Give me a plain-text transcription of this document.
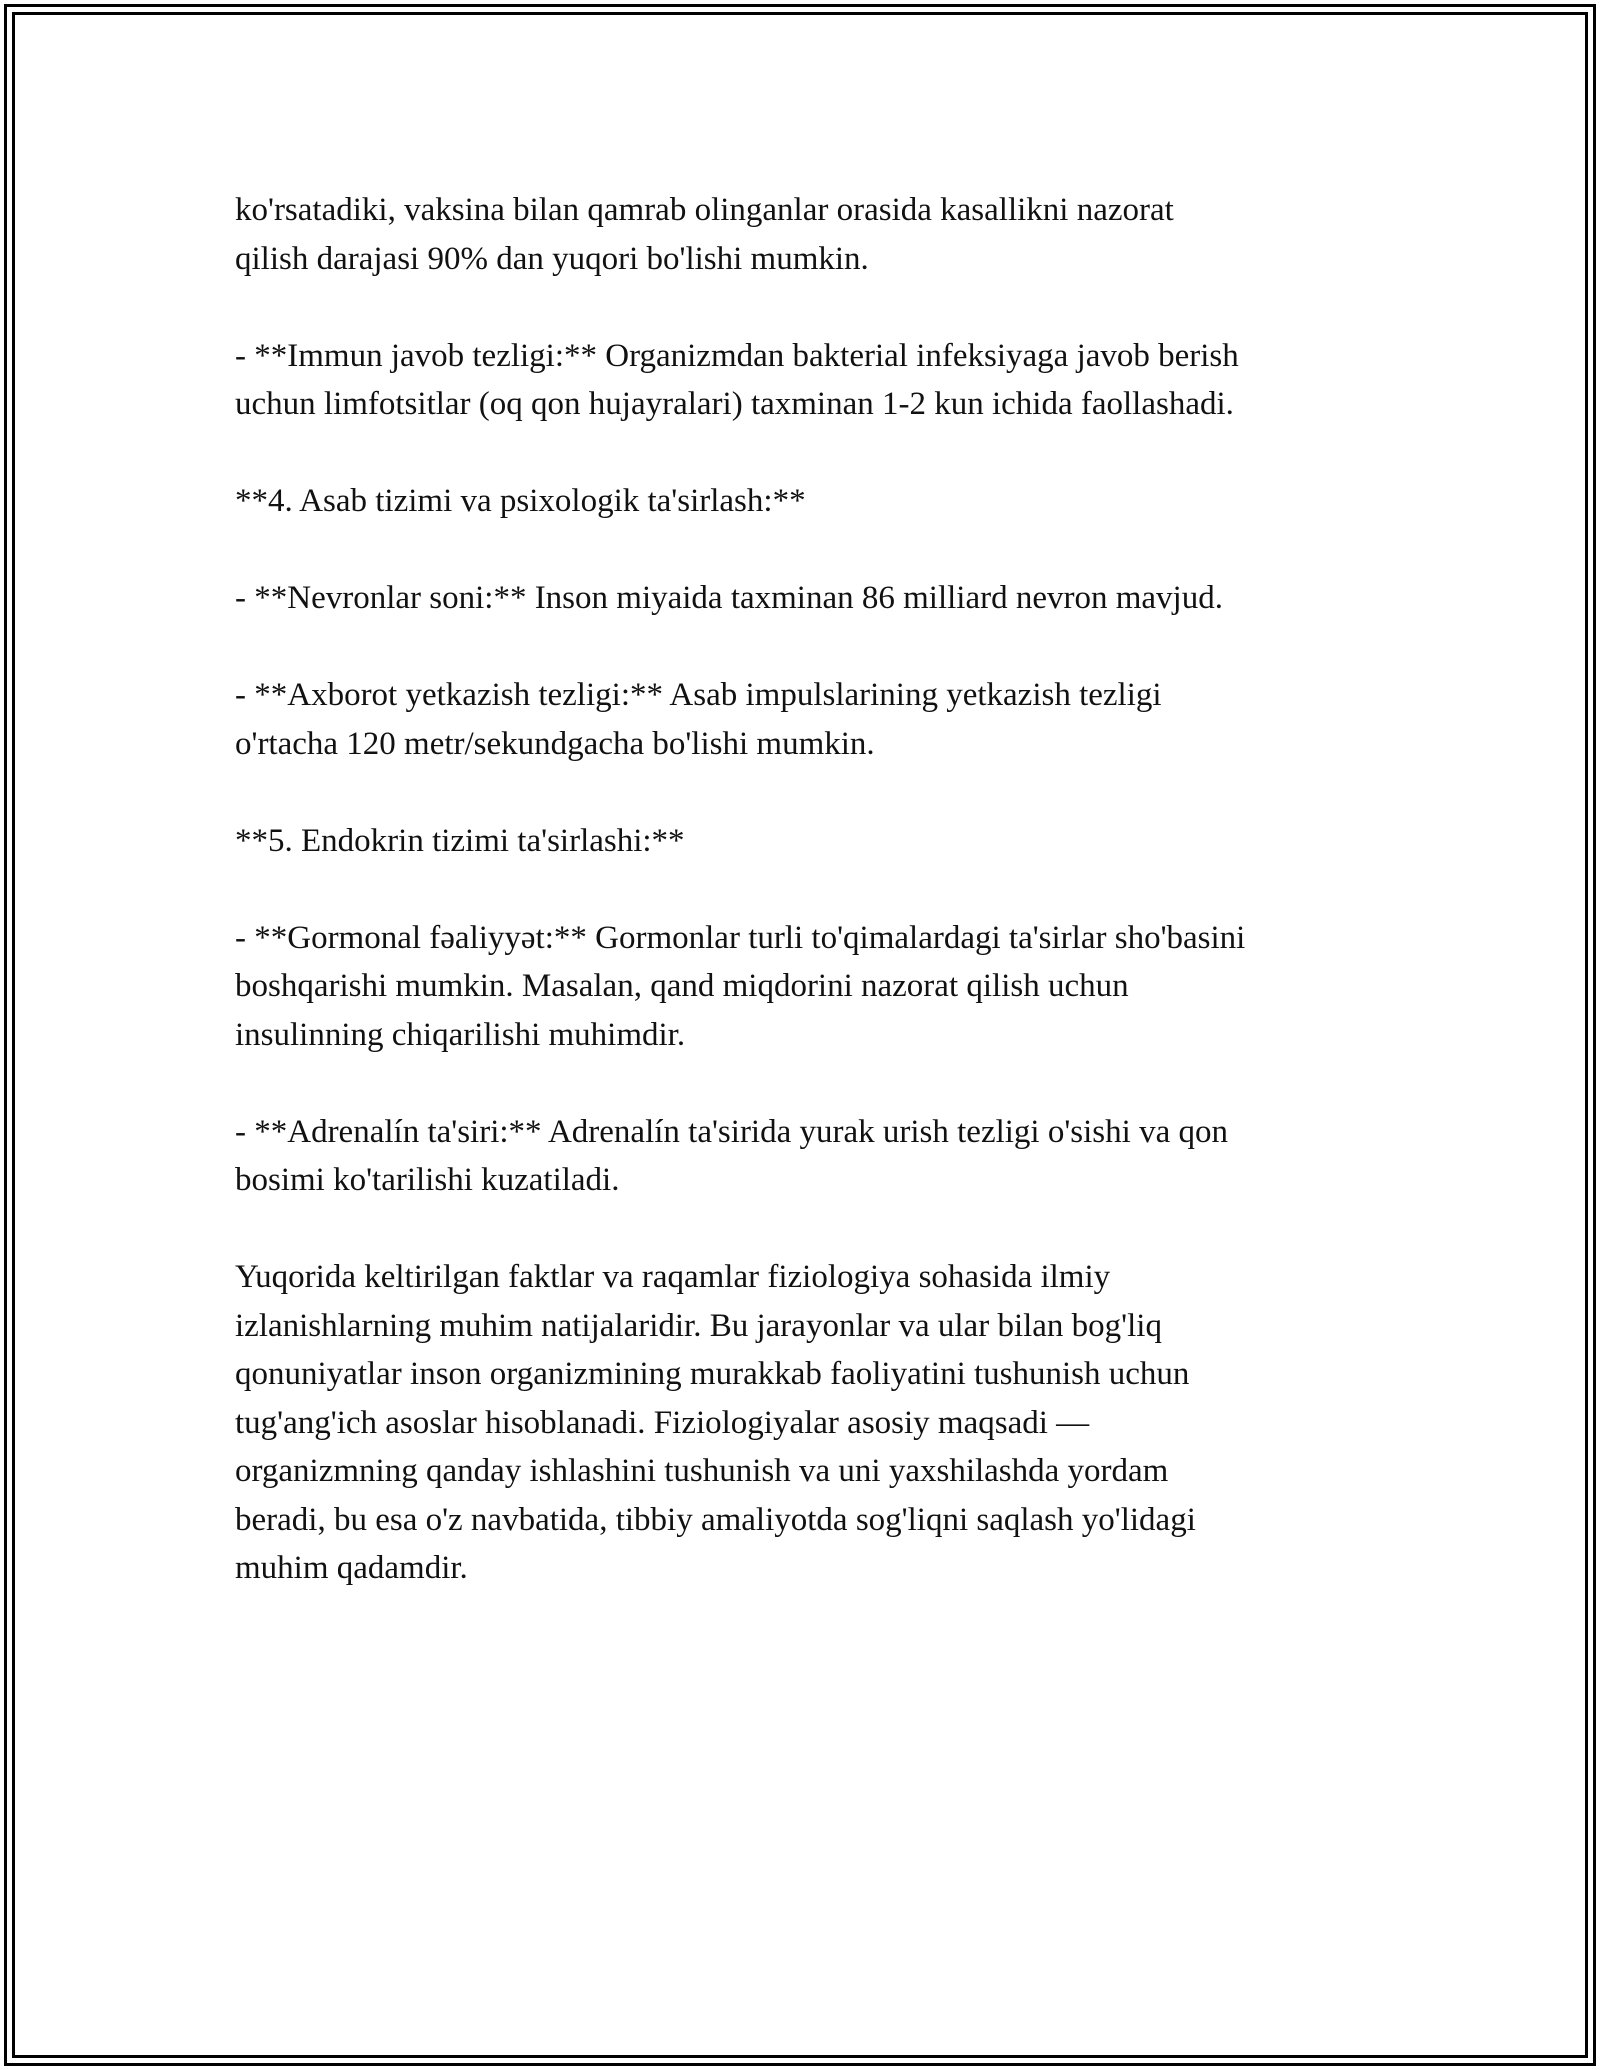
ko'rsatadiki, vaksina bilan qamrab olinganlar orasida kasallikni nazorat
qilish darajasi 90% dan yuqori bo'lishi mumkin.

- **Immun javob tezligi:** Organizmdan bakterial infeksiyaga javob berish
uchun limfotsitlar (oq qon hujayralari) taxminan 1-2 kun ichida faollashadi.

**4. Asab tizimi va psixologik ta'sirlash:**

- **Nevronlar soni:** Inson miyaida taxminan 86 milliard nevron mavjud.

- **Axborot yetkazish tezligi:** Asab impulslarining yetkazish tezligi
o'rtacha 120 metr/sekundgacha bo'lishi mumkin.

**5. Endokrin tizimi ta'sirlashi:**

- **Gormonal fəaliyyət:** Gormonlar turli to'qimalardagi ta'sirlar sho'basini
boshqarishi mumkin. Masalan, qand miqdorini nazorat qilish uchun
insulinning chiqarilishi muhimdir.

- **Adrenalín ta'siri:** Adrenalín ta'sirida yurak urish tezligi o'sishi va qon
bosimi ko'tarilishi kuzatiladi.

Yuqorida keltirilgan faktlar va raqamlar fiziologiya sohasida ilmiy
izlanishlarning muhim natijalaridir. Bu jarayonlar va ular bilan bog'liq
qonuniyatlar inson organizmining murakkab faoliyatini tushunish uchun
tug'ang'ich asoslar hisoblanadi. Fiziologiyalar asosiy maqsadi —
organizmning qanday ishlashini tushunish va uni yaxshilashda yordam
beradi, bu esa o'z navbatida, tibbiy amaliyotda sog'liqni saqlash yo'lidagi
muhim qadamdir.
